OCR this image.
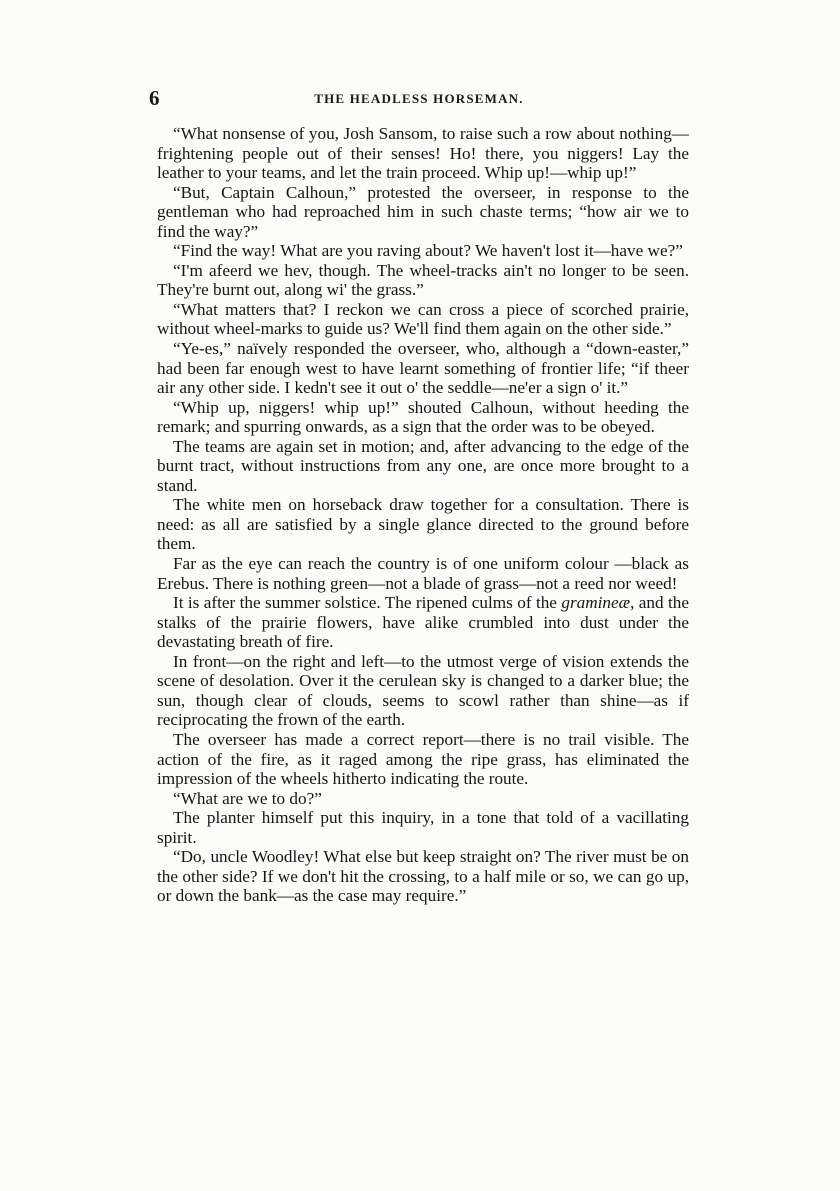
6	THE HEADLESS HORSEMAN.

“What nonsense of you, Josh Sansom, to raise such a row about nothing—frightening people out of their senses! Ho! there, you niggers! Lay the leather to your teams, and let the train proceed. Whip up!—whip up!”

“But, Captain Calhoun,” protested the overseer, in response to the gentleman who had reproached him in such chaste terms; “how air we to find the way?”

“Find the way! What are you raving about? We haven't lost it—have we?”

“I'm afeerd we hev, though. The wheel-tracks ain't no longer to be seen. They're burnt out, along wi' the grass.”

“What matters that? I reckon we can cross a piece of scorched prairie, without wheel-marks to guide us? We'll find them again on the other side.”

“Ye-es,” naïvely responded the overseer, who, although a “down-easter,” had been far enough west to have learnt something of frontier life; “if theer air any other side. I kedn't see it out o' the seddle—ne'er a sign o' it.”

“Whip up, niggers! whip up!” shouted Calhoun, without heeding the remark; and spurring onwards, as a sign that the order was to be obeyed.

The teams are again set in motion; and, after advancing to the edge of the burnt tract, without instructions from any one, are once more brought to a stand.

The white men on horseback draw together for a consultation. There is need: as all are satisfied by a single glance directed to the ground before them.

Far as the eye can reach the country is of one uniform colour —black as Erebus. There is nothing green—not a blade of grass—not a reed nor weed!

It is after the summer solstice. The ripened culms of the gramineæ, and the stalks of the prairie flowers, have alike crumbled into dust under the devastating breath of fire.

In front—on the right and left—to the utmost verge of vision extends the scene of desolation. Over it the cerulean sky is changed to a darker blue; the sun, though clear of clouds, seems to scowl rather than shine—as if reciprocating the frown of the earth.

The overseer has made a correct report—there is no trail visible. The action of the fire, as it raged among the ripe grass, has eliminated the impression of the wheels hitherto indicating the route.

“What are we to do?”

The planter himself put this inquiry, in a tone that told of a vacillating spirit.

“Do, uncle Woodley! What else but keep straight on? The river must be on the other side? If we don't hit the crossing, to a half mile or so, we can go up, or down the bank—as the case may require.”
